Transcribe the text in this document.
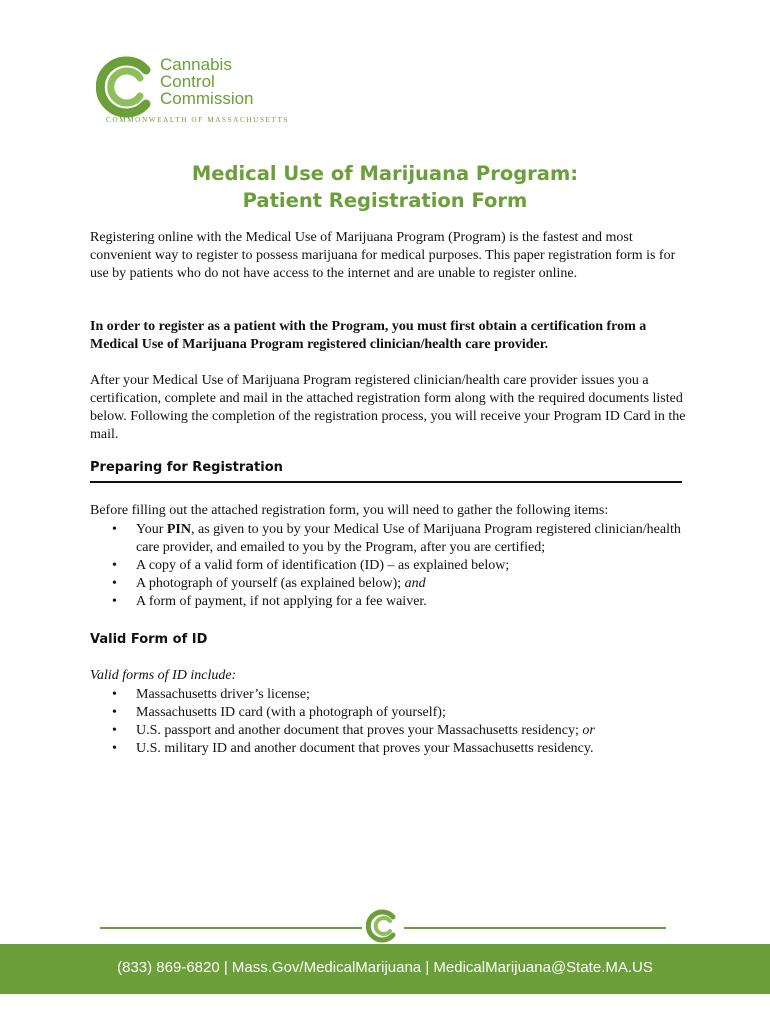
Cannabis
Control
Commission
COMMONWEALTH OF MASSACHUSETTS
Medical Use of Marijuana Program:
Patient Registration Form

Registering online with the Medical Use of Marijuana Program (Program) is the fastest and most convenient way to register to possess marijuana for medical purposes. This paper registration form is for use by patients who do not have access to the internet and are unable to register online.

In order to register as a patient with the Program, you must first obtain a certification from a Medical Use of Marijuana Program registered clinician/health care provider.

After your Medical Use of Marijuana Program registered clinician/health care provider issues you a certification, complete and mail in the attached registration form along with the required documents listed below. Following the completion of the registration process, you will receive your Program ID Card in the mail.

Preparing for Registration

Before filling out the attached registration form, you will need to gather the following items:

• Your PIN, as given to you by your Medical Use of Marijuana Program registered clinician/health care provider, and emailed to you by the Program, after you are certified;
• A copy of a valid form of identification (ID) – as explained below;
• A photograph of yourself (as explained below); and
• A form of payment, if not applying for a fee waiver.
Valid Form of ID

Valid forms of ID include:

• Massachusetts driver’s license;
• Massachusetts ID card (with a photograph of yourself);
• U.S. passport and another document that proves your Massachusetts residency; or
• U.S. military ID and another document that proves your Massachusetts residency.
(833) 869-6820 | Mass.Gov/MedicalMarijuana | MedicalMarijuana@State.MA.US
